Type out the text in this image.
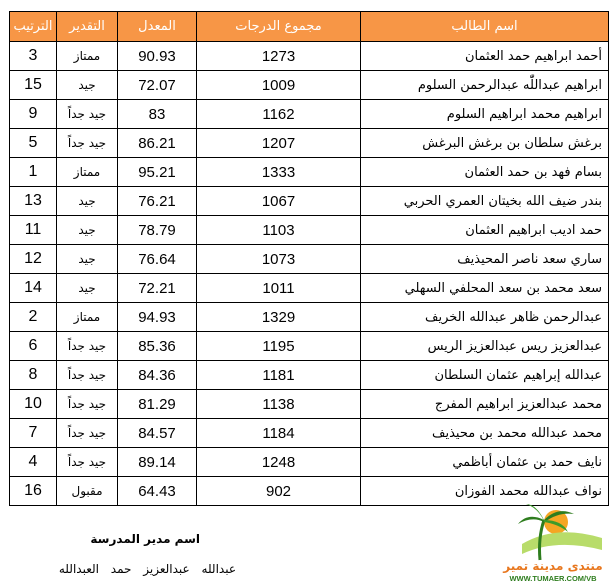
اسم الطالب	مجموع الدرجات	المعدل	التقدير	الترتيب
أحمد ابراهيم حمد العثمان	1273	90.93	ممتاز	3
ابراهيم عبداللّٰه عبدالرحمن السلوم	1009	72.07	جيد	15
ابراهيم محمد ابراهيم السلوم	1162	83	جيد جداً	9
برغش سلطان بن برغش البرغش	1207	86.21	جيد جداً	5
بسام فهد بن حمد العثمان	1333	95.21	ممتاز	1
بندر ضيف الله بخيتان العمري الحربي	1067	76.21	جيد	13
حمد اديب ابراهيم العثمان	1103	78.79	جيد	11
ساري سعد ناصر المحيذيف	1073	76.64	جيد	12
سعد محمد بن سعد المحلفي السهلي	1011	72.21	جيد	14
عبدالرحمن ظاهر عبدالله الخريف	1329	94.93	ممتاز	2
عبدالعزيز ريس عبدالعزيز الريس	1195	85.36	جيد جداً	6
عبدالله إبراهيم عثمان السلطان	1181	84.36	جيد جداً	8
محمد عبدالعزيز ابراهيم المفرج	1138	81.29	جيد جداً	10
محمد عبدالله محمد بن محيذيف	1184	84.57	جيد جداً	7
نايف حمد بن عثمان أباظمي	1248	89.14	جيد جداً	4
نواف عبدالله محمد الفوزان	902	64.43	مقبول	16
اسم مدير المدرسة
عبدالله عبدالعزيز حمد العبدالله	منتدى مدينة تمير
WWW.TUMAER.COM/VB
